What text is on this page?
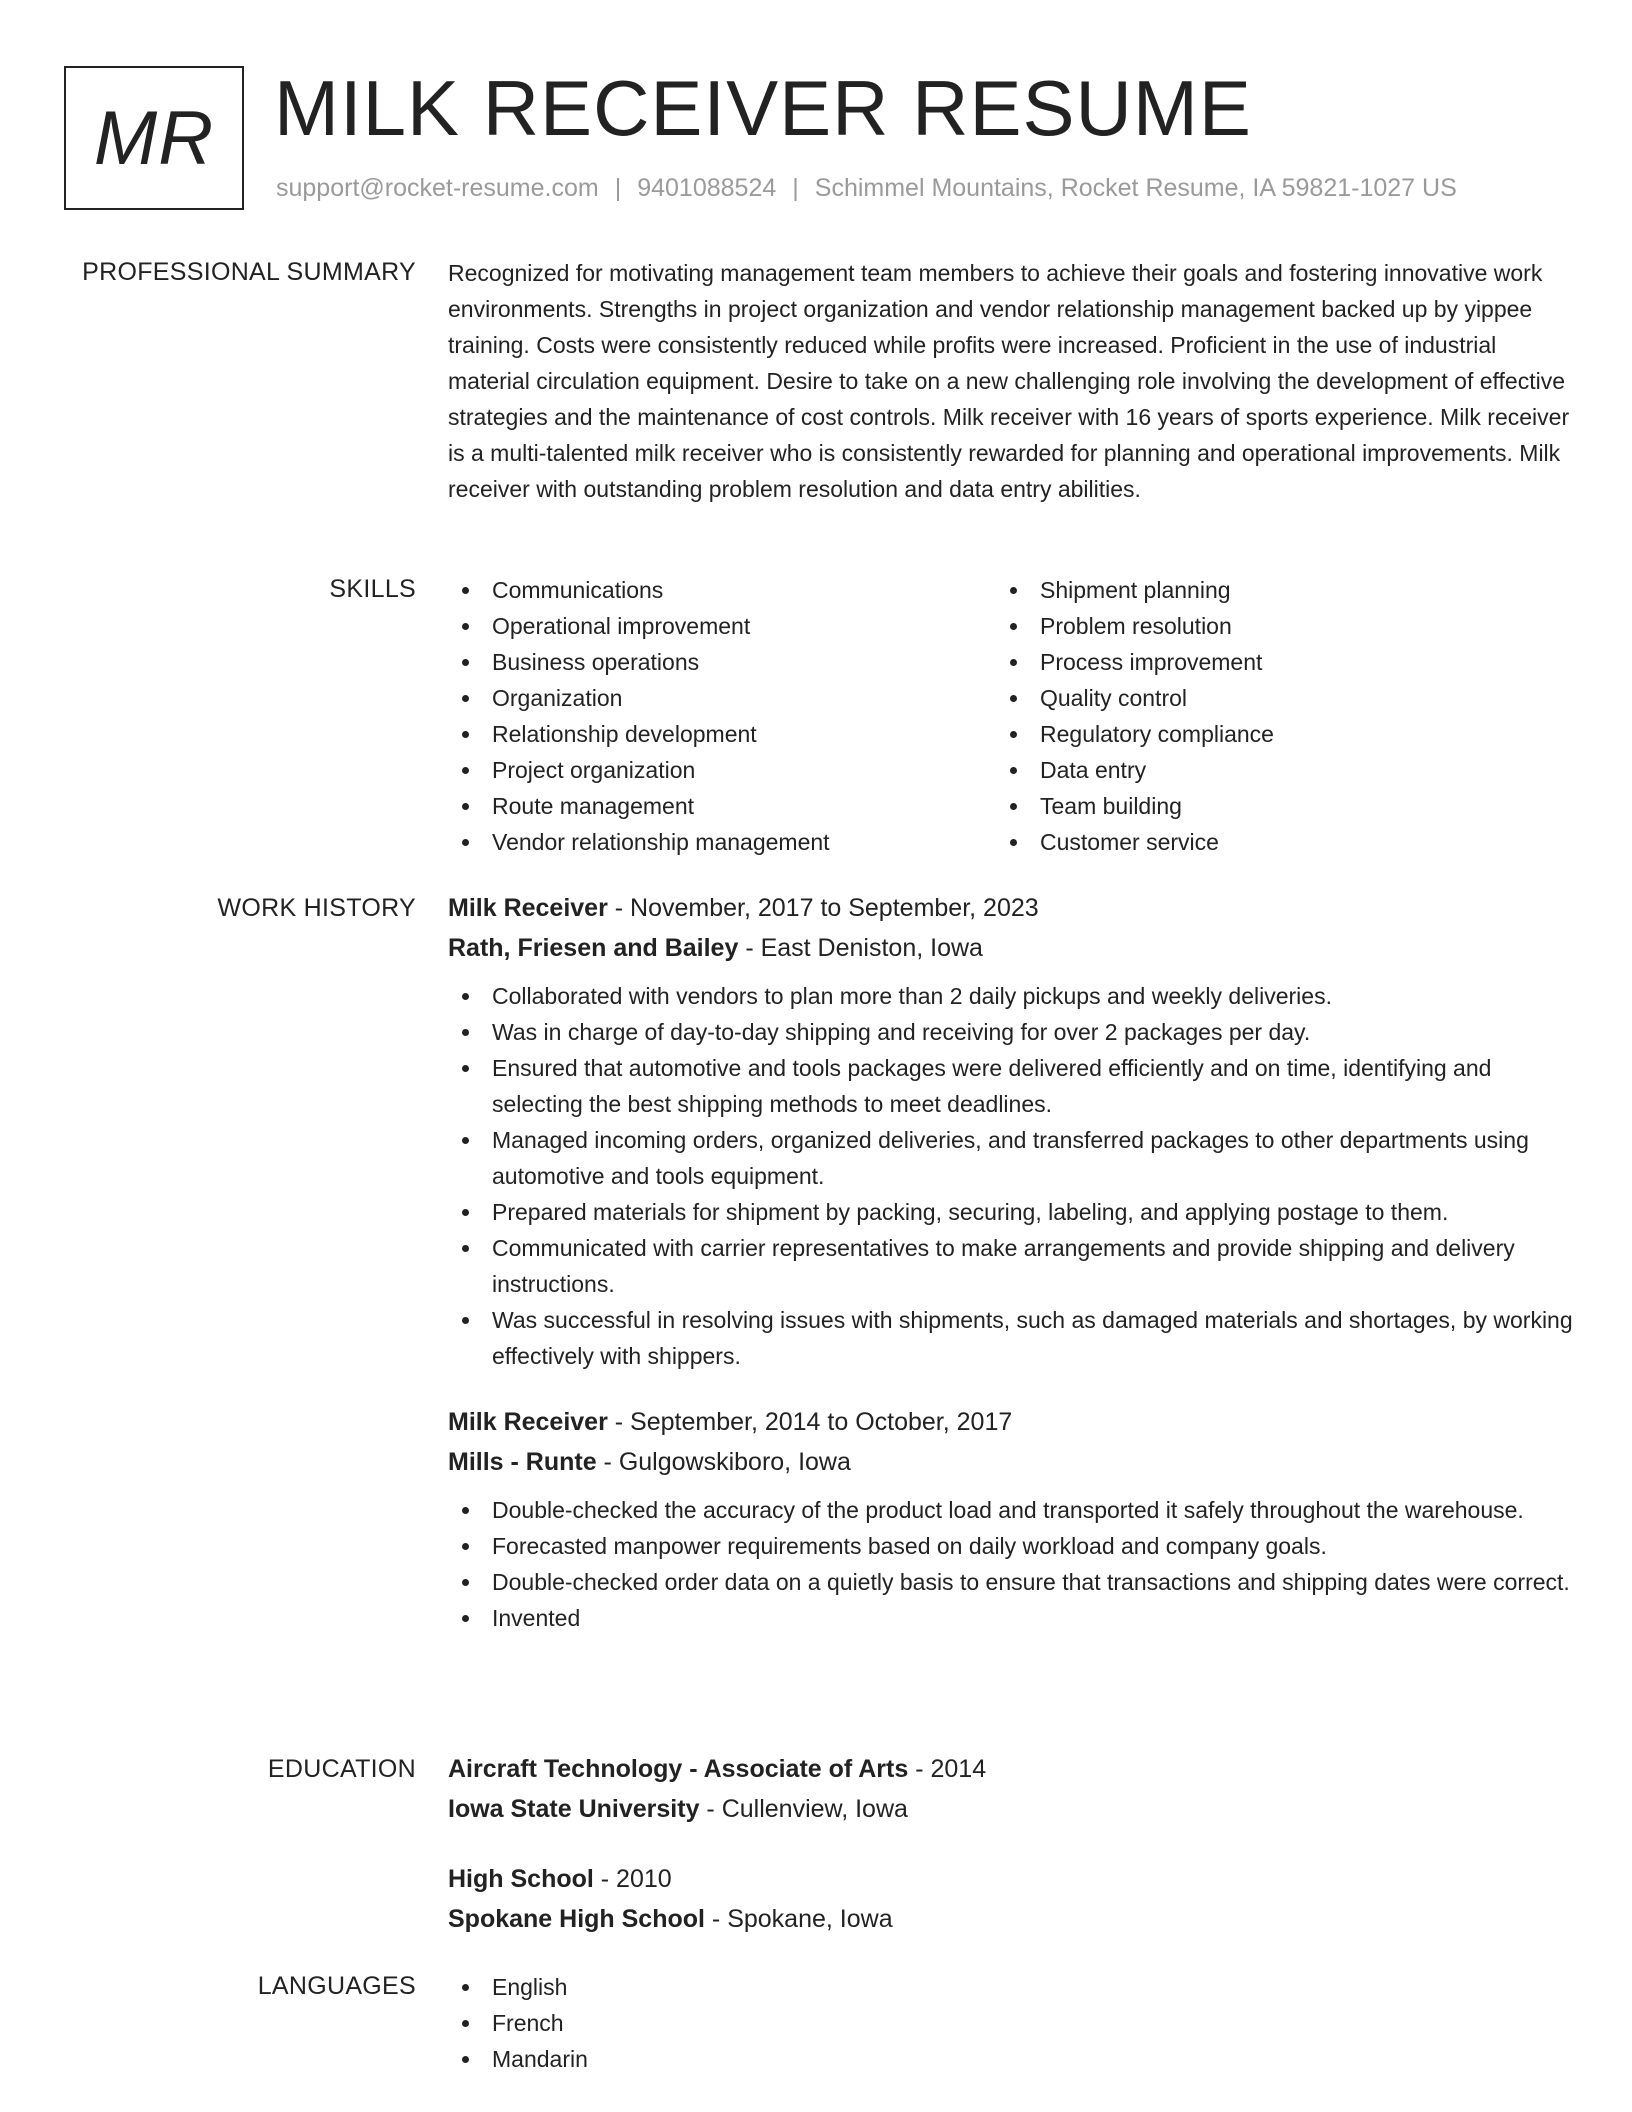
MR MILK RECEIVER RESUME
support@rocket-resume.com | 9401088524 | Schimmel Mountains, Rocket Resume, IA 59821-1027 US
PROFESSIONAL SUMMARY Recognized for motivating management team members to achieve their goals and fostering innovative work environments. Strengths in project organization and vendor relationship management backed up by yippee training. Costs were consistently reduced while profits were increased. Proficient in the use of industrial material circulation equipment. Desire to take on a new challenging role involving the development of effective strategies and the maintenance of cost controls. Milk receiver with 16 years of sports experience. Milk receiver is a multi-talented milk receiver who is consistently rewarded for planning and operational improvements. Milk receiver with outstanding problem resolution and data entry abilities.

SKILLS	Communications
Operational improvement
Business operations
Organization
Relationship development
Project organization
Route management
Vendor relationship management
Shipment planning
Problem resolution
Process improvement
Quality control
Regulatory compliance
Data entry
Team building
Customer service
WORK HISTORY Milk Receiver - November, 2017 to September, 2023
Rath, Friesen and Bailey - East Deniston, Iowa
Collaborated with vendors to plan more than 2 daily pickups and weekly deliveries.
Was in charge of day-to-day shipping and receiving for over 2 packages per day.
Ensured that automotive and tools packages were delivered efficiently and on time, identifying and selecting the best shipping methods to meet deadlines.
Managed incoming orders, organized deliveries, and transferred packages to other departments using automotive and tools equipment.
Prepared materials for shipment by packing, securing, labeling, and applying postage to them.
Communicated with carrier representatives to make arrangements and provide shipping and delivery instructions.
Was successful in resolving issues with shipments, such as damaged materials and shortages, by working effectively with shippers.
Milk Receiver - September, 2014 to October, 2017
Mills - Runte - Gulgowskiboro, Iowa
Double-checked the accuracy of the product load and transported it safely throughout the warehouse.
Forecasted manpower requirements based on daily workload and company goals.
Double-checked order data on a quietly basis to ensure that transactions and shipping dates were correct.
Invented
EDUCATION Aircraft Technology - Associate of Arts - 2014
Iowa State University - Cullenview, Iowa
High School - 2010
Spokane High School - Spokane, Iowa
LANGUAGES	English
French
Mandarin
